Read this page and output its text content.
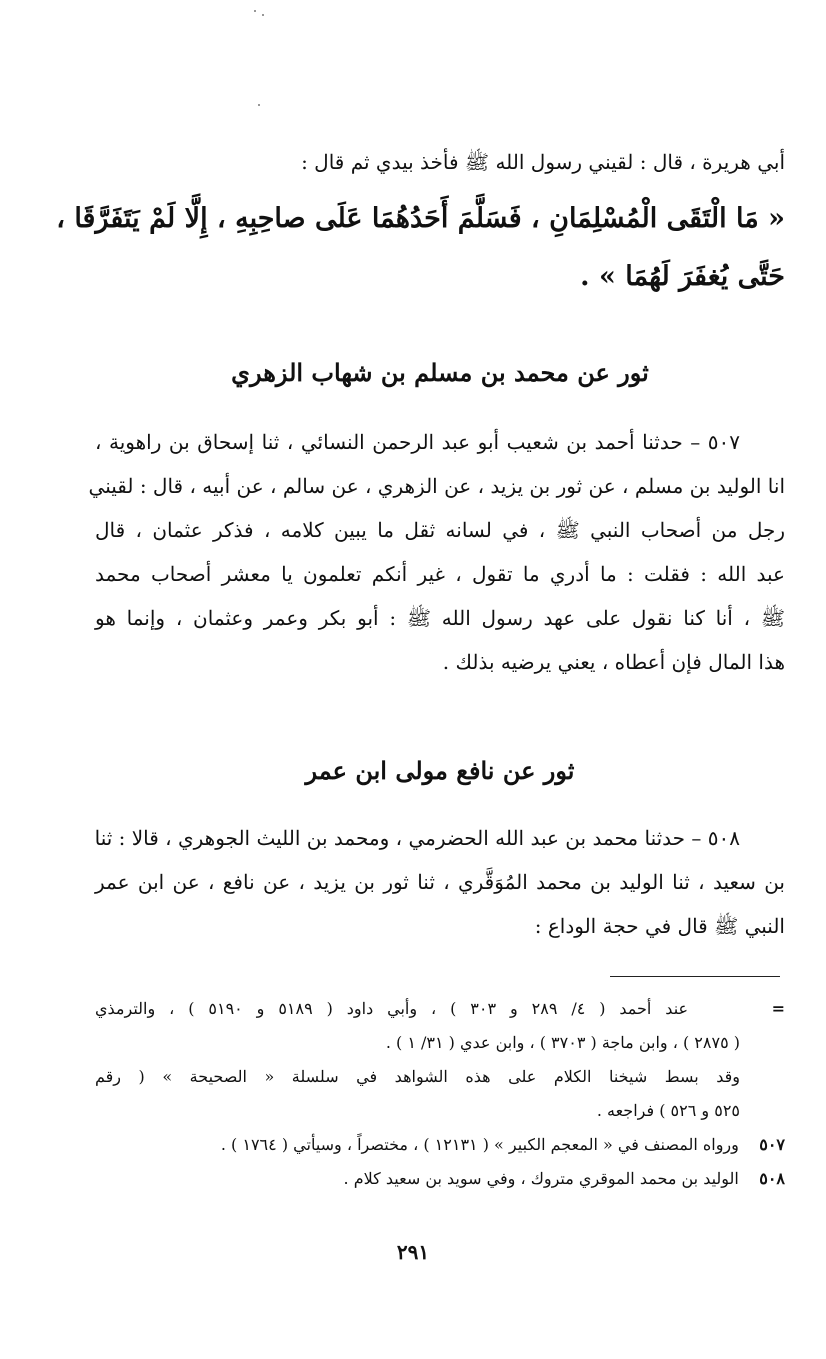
أبي هريرة ، قال : لقيني رسول الله ﷺ فأخذ بيدي ثم قال :
« مَا الْتَقَى الْمُسْلِمَانِ ، فَسَلَّمَ أَحَدُهُمَا عَلَى صاحِبِهِ ، إِلَّا لَمْ يَتَفَرَّقَا ،
حَتَّى يُغفَرَ لَهُمَا » .
ثور عن محمد بن مسلم بن شهاب الزهري
٥٠٧ – حدثنا أحمد بن شعيب أبو عبد الرحمن النسائي ، ثنا إسحاق بن راهوية ،
انا الوليد بن مسلم ، عن ثور بن يزيد ، عن الزهري ، عن سالم ، عن أبيه ، قال : لقيني
رجل من أصحاب النبي ﷺ ، في لسانه ثقل ما يبين كلامه ، فذكر عثمان ، قال
عبد الله : فقلت : ما أدري ما تقول ، غير أنكم تعلمون يا معشر أصحاب محمد
ﷺ ، أنا كنا نقول على عهد رسول الله ﷺ : أبو بكر وعمر وعثمان ، وإنما هو
هذا المال فإن أعطاه ، يعني يرضيه بذلك .
ثور عن نافع مولى ابن عمر
٥٠٨ – حدثنا محمد بن عبد الله الحضرمي ، ومحمد بن الليث الجوهري ، قالا : ثنا
بن سعيد ، ثنا الوليد بن محمد المُوَقَّري ، ثنا ثور بن يزيد ، عن نافع ، عن ابن عمر
النبي ﷺ قال في حجة الوداع :
=      عند أحمد ( ٤/ ٢٨٩ و ٣٠٣ ) ، وأبي داود ( ٥١٨٩ و ٥١٩٠ ) ، والترمذي
( ٢٨٧٥ ) ، وابن ماجة ( ٣٧٠٣ ) ، وابن عدي ( ٣١/ ١ ) .
وقد بسط شيخنا الكلام على هذه الشواهد في سلسلة « الصحيحة » ( رقم
٥٢٥ و ٥٢٦ ) فراجعه .
٥٠٧    ورواه المصنف في « المعجم الكبير » ( ١٢١٣١ ) ، مختصراً ، وسيأتي ( ١٧٦٤ ) .
٥٠٨    الوليد بن محمد الموقري متروك ، وفي سويد بن سعيد كلام .
٢٩١
